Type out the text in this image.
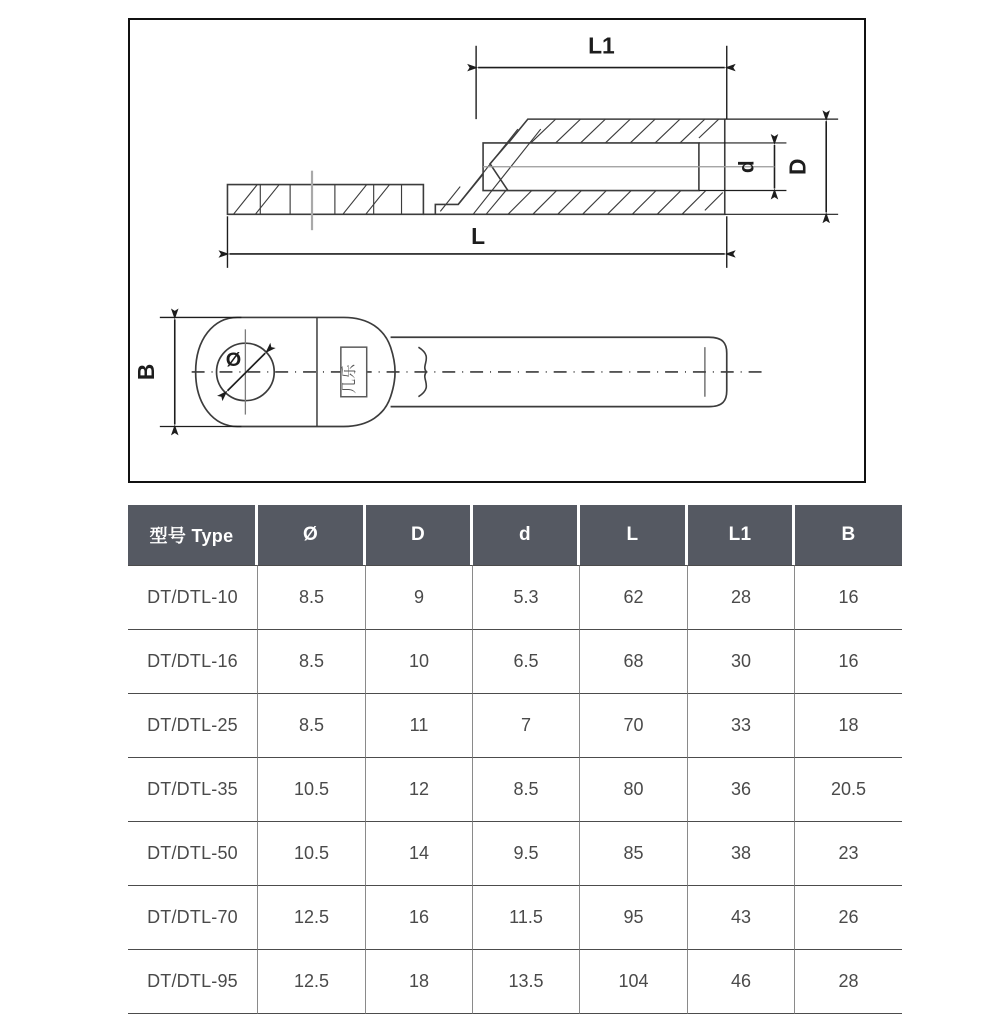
L1
L
d D
B
Ø
几乐
型号 Type	Ø	D	d	L	L1	B
DT/DTL-10	8.5	9	5.3	62	28	16
DT/DTL-16	8.5	10	6.5	68	30	16
DT/DTL-25	8.5	11	7	70	33	18
DT/DTL-35	10.5	12	8.5	80	36	20.5
DT/DTL-50	10.5	14	9.5	85	38	23
DT/DTL-70	12.5	16	11.5	95	43	26
DT/DTL-95	12.5	18	13.5	104	46	28
